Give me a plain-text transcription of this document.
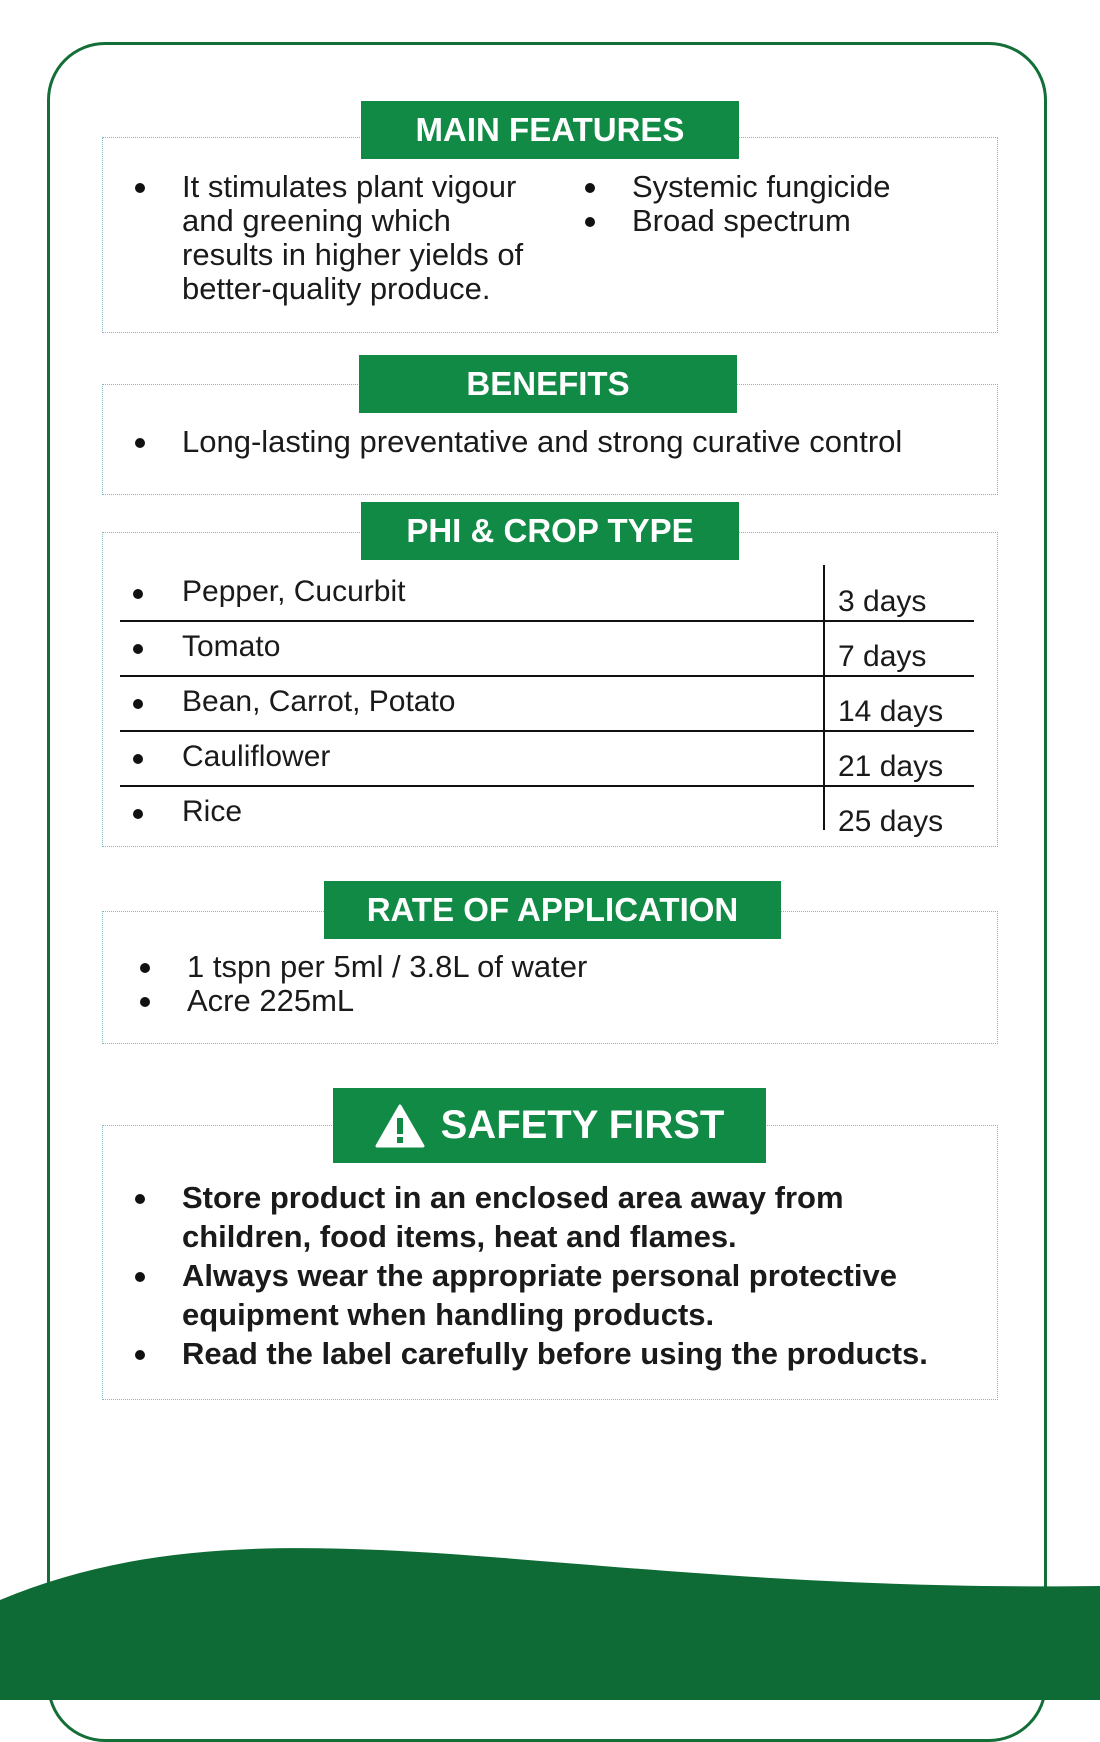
It stimulates plant vigour and greening which results in higher yields of better-quality produce.
Systemic fungicide
Broad spectrum
MAIN FEATURES
Long-lasting preventative and strong curative control
BENEFITS
Pepper, Cucurbit	3 days
Tomato	7 days
Bean, Carrot, Potato	14 days
Cauliflower	21 days
Rice	25 days
PHI & CROP TYPE
1 tspn per 5ml / 3.8L of water
Acre 225mL
RATE OF APPLICATION
Store product in an enclosed area away from children, food items, heat and flames.
Always wear the appropriate personal protective equipment when handling products.
Read the label carefully before using the products.
SAFETY FIRST
